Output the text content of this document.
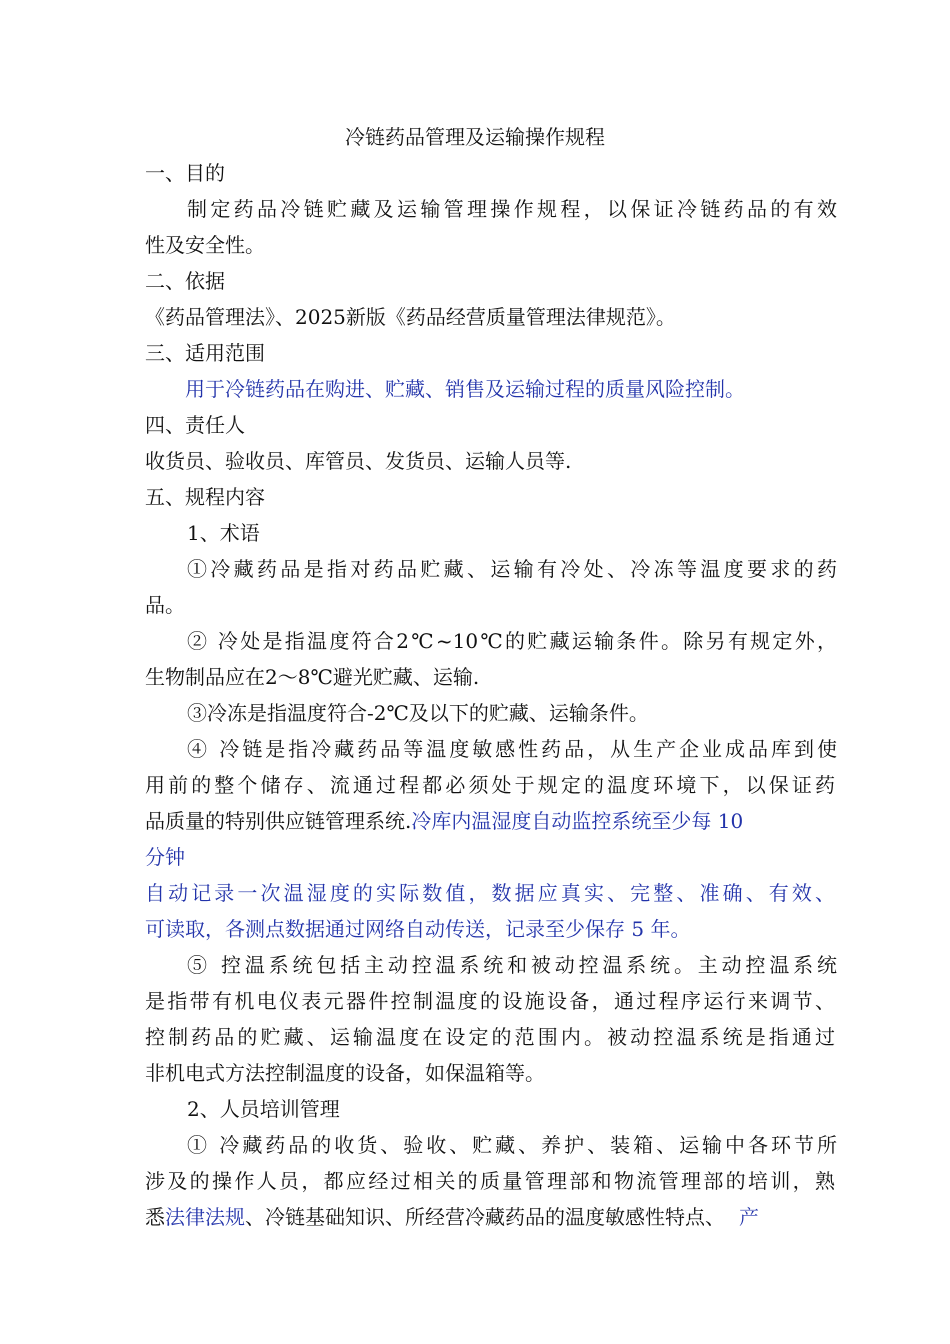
冷链药品管理及运输操作规程
一、目的
制定药品冷链贮藏及运输管理操作规程，以保证冷链药品的有效
性及安全性。
二、依据
《药品管理法》、2025新版《药品经营质量管理法律规范》。
三、适用范围
用于冷链药品在购进、贮藏、销售及运输过程的质量风险控制。
四、责任人
收货员、验收员、库管员、发货员、运输人员等.
五、规程内容
1、术语
①冷藏药品是指对药品贮藏、运输有冷处、冷冻等温度要求的药
品。
② 冷处是指温度符合2℃~10℃的贮藏运输条件。除另有规定外，
生物制品应在2～8℃避光贮藏、运输.
③冷冻是指温度符合-2℃及以下的贮藏、运输条件。
④ 冷链是指冷藏药品等温度敏感性药品，从生产企业成品库到使
用前的整个储存、流通过程都必须处于规定的温度环境下，以保证药
品质量的特别供应链管理系统.冷库内温湿度自动监控系统至少每 10
分钟
自动记录一次温湿度的实际数值，数据应真实、完整、准确、有效、
可读取，各测点数据通过网络自动传送，记录至少保存 5 年。
⑤ 控温系统包括主动控温系统和被动控温系统。主动控温系统
是指带有机电仪表元器件控制温度的设施设备，通过程序运行来调节、
控制药品的贮藏、运输温度在设定的范围内。被动控温系统是指通过
非机电式方法控制温度的设备，如保温箱等。
2、人员培训管理
① 冷藏药品的收货、验收、贮藏、养护、装箱、运输中各环节所
涉及的操作人员，都应经过相关的质量管理部和物流管理部的培训，熟
悉法律法规、冷链基础知识、所经营冷藏药品的温度敏感性特点、 产
